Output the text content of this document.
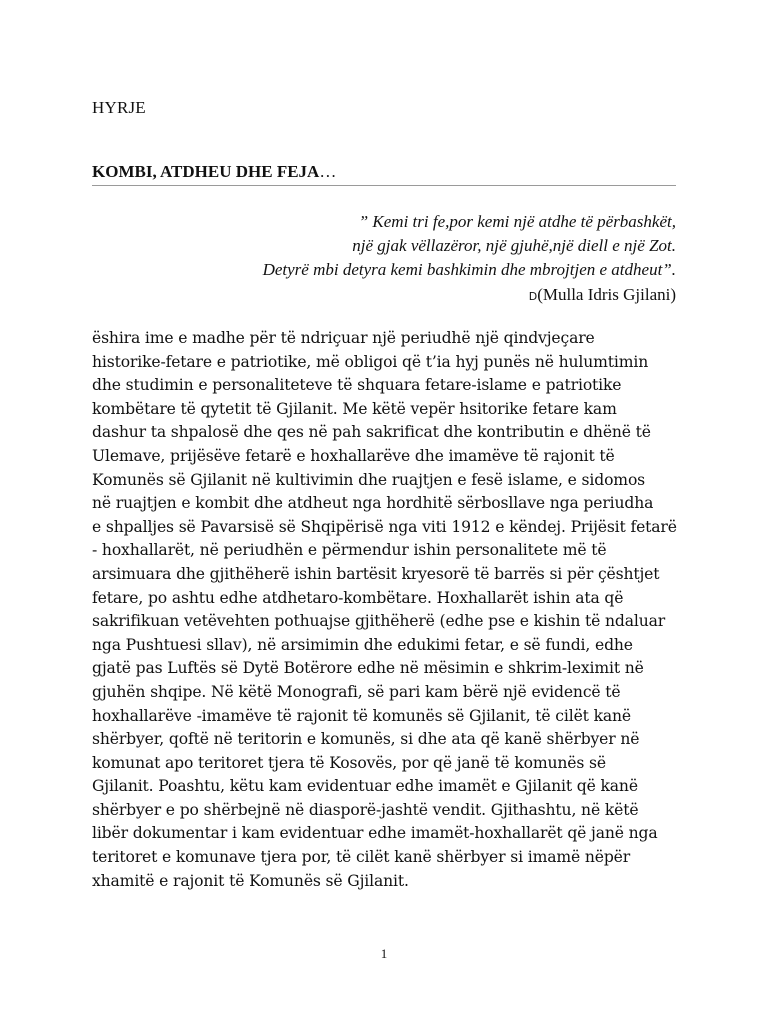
HYRJE
KOMBI, ATDHEU DHE FEJA…
” Kemi tri fe,por kemi një atdhe të përbashkët,
një gjak vëllazëror, një gjuhë,një diell e një Zot.
Detyrë mbi detyra kemi bashkimin dhe mbrojtjen e atdheut”.
D(Mulla Idris Gjilani)
ëshira ime e madhe për të ndriçuar një periudhë një qindvjeçare
historike-fetare e patriotike, më obligoi që t’ia hyj punës në hulumtimin
dhe studimin e personaliteteve të shquara fetare-islame e patriotike
kombëtare të qytetit të Gjilanit. Me këtë vepër hsitorike fetare kam
dashur ta shpalosë dhe qes në pah sakrificat dhe kontributin e dhënë të
Ulemave, prijësëve fetarë e hoxhallarëve dhe imamëve të rajonit të
Komunës së Gjilanit në kultivimin dhe ruajtjen e fesë islame, e sidomos
në ruajtjen e kombit dhe atdheut nga hordhitë sërbosllave nga periudha
e shpalljes së Pavarsisë së Shqipërisë nga viti 1912 e këndej. Prijësit fetarë
- hoxhallarët, në periudhën e përmendur ishin personalitete më të
arsimuara dhe gjithëherë ishin bartësit kryesorë të barrës si për çështjet
fetare, po ashtu edhe atdhetaro-kombëtare. Hoxhallarët ishin ata që
sakrifikuan vetëvehten pothuajse gjithëherë (edhe pse e kishin të ndaluar
nga Pushtuesi sllav), në arsimimin dhe edukimi fetar, e së fundi, edhe
gjatë pas Luftës së Dytë Botërore edhe në mësimin e shkrim-leximit në
gjuhën shqipe. Në këtë Monografi, së pari kam bërë një evidencë të
hoxhallarëve -imamëve të rajonit të komunës së Gjilanit, të cilët kanë
shërbyer, qoftë në teritorin e komunës, si dhe ata që kanë shërbyer në
komunat apo teritoret tjera të Kosovës, por që janë të komunës së
Gjilanit. Poashtu, këtu kam evidentuar edhe imamët e Gjilanit që kanë
shërbyer e po shërbejnë në diasporë-jashtë vendit. Gjithashtu, në këtë
libër dokumentar i kam evidentuar edhe imamët-hoxhallarët që janë nga
teritoret e komunave tjera por, të cilët kanë shërbyer si imamë nëpër
xhamitë e rajonit të Komunës së Gjilanit.
1
